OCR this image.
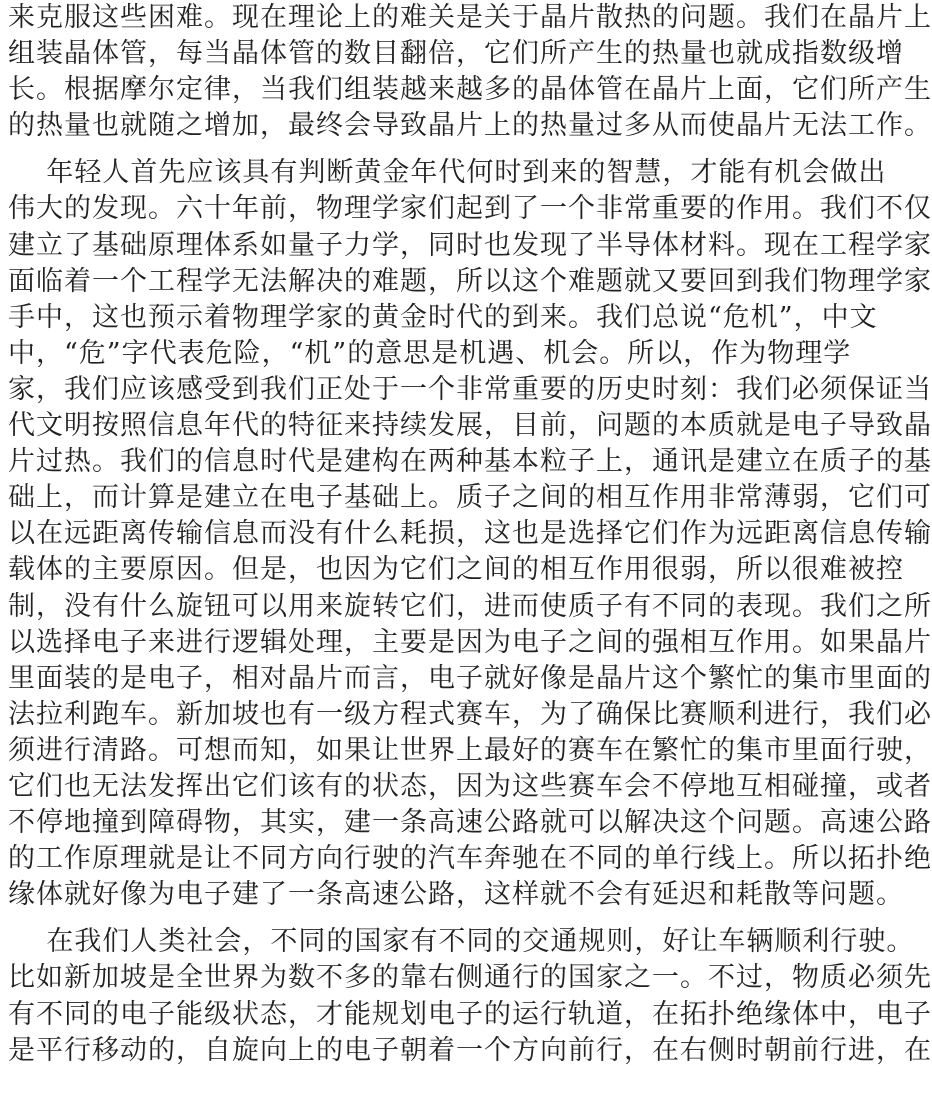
来克服这些困难。现在理论上的难关是关于晶片散热的问题。我们在晶片上
组装晶体管，每当晶体管的数目翻倍，它们所产生的热量也就成指数级增
长。根据摩尔定律，当我们组装越来越多的晶体管在晶片上面，它们所产生
的热量也就随之增加，最终会导致晶片上的热量过多从而使晶片无法工作。
年轻人首先应该具有判断黄金年代何时到来的智慧，才能有机会做出
伟大的发现。六十年前，物理学家们起到了一个非常重要的作用。我们不仅
建立了基础原理体系如量子力学，同时也发现了半导体材料。现在工程学家
面临着一个工程学无法解决的难题，所以这个难题就又要回到我们物理学家
手中，这也预示着物理学家的黄金时代的到来。我们总说“危机”，中文
中，“危”字代表危险，“机”的意思是机遇、机会。所以，作为物理学
家，我们应该感受到我们正处于一个非常重要的历史时刻：我们必须保证当
代文明按照信息年代的特征来持续发展，目前，问题的本质就是电子导致晶
片过热。我们的信息时代是建构在两种基本粒子上，通讯是建立在质子的基
础上，而计算是建立在电子基础上。质子之间的相互作用非常薄弱，它们可
以在远距离传输信息而没有什么耗损，这也是选择它们作为远距离信息传输
载体的主要原因。但是，也因为它们之间的相互作用很弱，所以很难被控
制，没有什么旋钮可以用来旋转它们，进而使质子有不同的表现。我们之所
以选择电子来进行逻辑处理，主要是因为电子之间的强相互作用。如果晶片
里面装的是电子，相对晶片而言，电子就好像是晶片这个繁忙的集市里面的
法拉利跑车。新加坡也有一级方程式赛车，为了确保比赛顺利进行，我们必
须进行清路。可想而知，如果让世界上最好的赛车在繁忙的集市里面行驶，
它们也无法发挥出它们该有的状态，因为这些赛车会不停地互相碰撞，或者
不停地撞到障碍物，其实，建一条高速公路就可以解决这个问题。高速公路
的工作原理就是让不同方向行驶的汽车奔驰在不同的单行线上。所以拓扑绝
缘体就好像为电子建了一条高速公路，这样就不会有延迟和耗散等问题。
在我们人类社会，不同的国家有不同的交通规则，好让车辆顺利行驶。
比如新加坡是全世界为数不多的靠右侧通行的国家之一。不过，物质必须先
有不同的电子能级状态，才能规划电子的运行轨道，在拓扑绝缘体中，电子
是平行移动的，自旋向上的电子朝着一个方向前行，在右侧时朝前行进，在
